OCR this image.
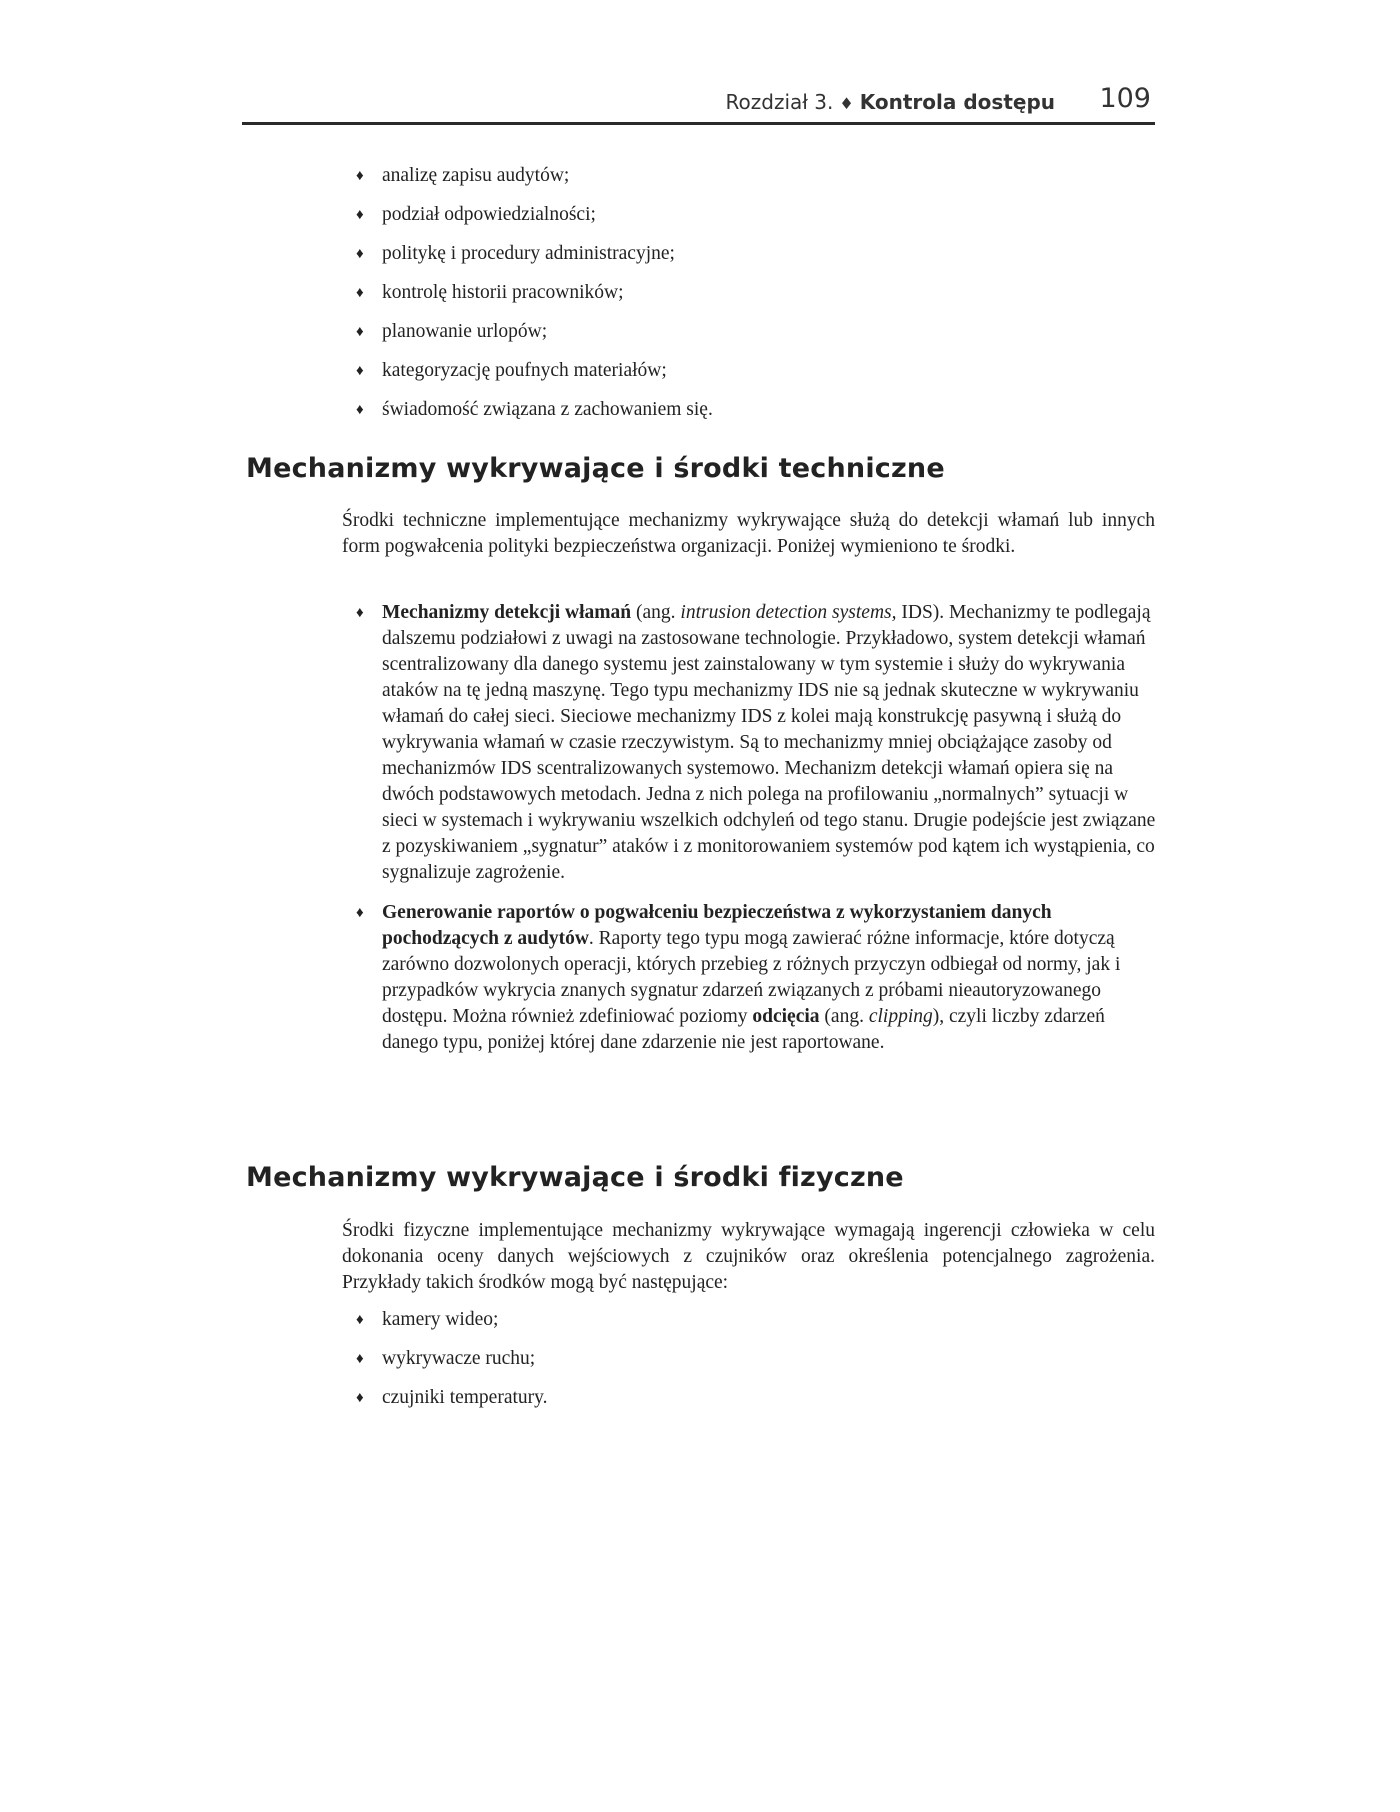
Rozdział 3. ♦ Kontrola dostępu 109
♦ analizę zapisu audytów;
♦ podział odpowiedzialności;
♦ politykę i procedury administracyjne;
♦ kontrolę historii pracowników;
♦ planowanie urlopów;
♦ kategoryzację poufnych materiałów;
♦ świadomość związana z zachowaniem się.
Mechanizmy wykrywające i środki techniczne

Środki techniczne implementujące mechanizmy wykrywające służą do detekcji włamań lub innych form pogwałcenia polityki bezpieczeństwa organizacji. Poniżej wymieniono te środki.

♦ Mechanizmy detekcji włamań (ang. intrusion detection systems, IDS). Mechanizmy te podlegają dalszemu podziałowi z uwagi na zastosowane technologie. Przykładowo, system detekcji włamań scentralizowany dla danego systemu jest zainstalowany w tym systemie i służy do wykrywania ataków na tę jedną maszynę. Tego typu mechanizmy IDS nie są jednak skuteczne w wykrywaniu włamań do całej sieci. Sieciowe mechanizmy IDS z kolei mają konstrukcję pasywną i służą do wykrywania włamań w czasie rzeczywistym. Są to mechanizmy mniej obciążające zasoby od mechanizmów IDS scentralizowanych systemowo. Mechanizm detekcji włamań opiera się na dwóch podstawowych metodach. Jedna z nich polega na profilowaniu „normalnych” sytuacji w sieci w systemach i wykrywaniu wszelkich odchyleń od tego stanu. Drugie podejście jest związane z pozyskiwaniem „sygnatur” ataków i z monitorowaniem systemów pod kątem ich wystąpienia, co sygnalizuje zagrożenie.
♦ Generowanie raportów o pogwałceniu bezpieczeństwa z wykorzystaniem danych pochodzących z audytów. Raporty tego typu mogą zawierać różne informacje, które dotyczą zarówno dozwolonych operacji, których przebieg z różnych przyczyn odbiegał od normy, jak i przypadków wykrycia znanych sygnatur zdarzeń związanych z próbami nieautoryzowanego dostępu. Można również zdefiniować poziomy odcięcia (ang. clipping), czyli liczby zdarzeń danego typu, poniżej której dane zdarzenie nie jest raportowane.
Mechanizmy wykrywające i środki fizyczne

Środki fizyczne implementujące mechanizmy wykrywające wymagają ingerencji człowieka w celu dokonania oceny danych wejściowych z czujników oraz określenia potencjalnego zagrożenia. Przykłady takich środków mogą być następujące:

♦ kamery wideo;
♦ wykrywacze ruchu;
♦ czujniki temperatury.
